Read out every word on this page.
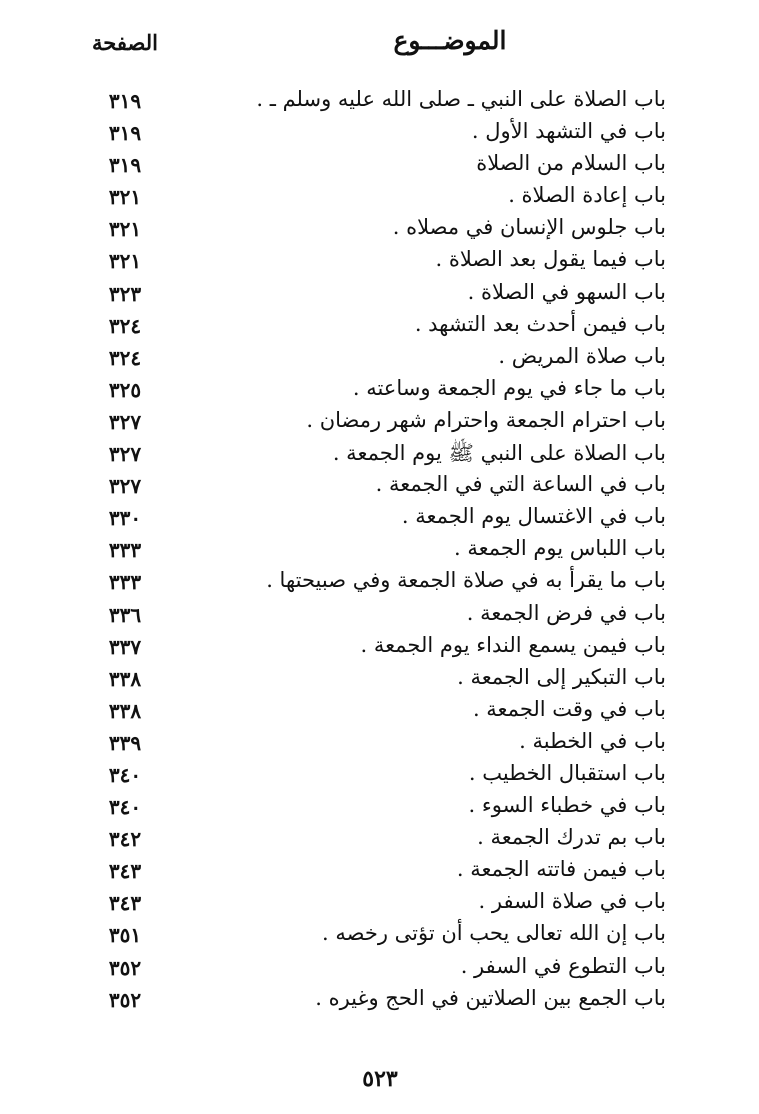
الموضـــوع
الصفحة
باب الصلاة على النبي ـ صلى الله عليه وسلم ـ .
٣١٩
باب في التشهد الأول .
٣١٩
باب السلام من الصلاة
٣١٩
باب إعادة الصلاة .
٣٢١
باب جلوس الإنسان في مصلاه .
٣٢١
باب فيما يقول بعد الصلاة .
٣٢١
باب السهو في الصلاة .
٣٢٣
باب فيمن أحدث بعد التشهد .
٣٢٤
باب صلاة المريض .
٣٢٤
باب ما جاء في يوم الجمعة وساعته .
٣٢٥
باب احترام الجمعة واحترام شهر رمضان .
٣٢٧
باب الصلاة على النبي ﷺ يوم الجمعة .
٣٢٧
باب في الساعة التي في الجمعة .
٣٢٧
باب في الاغتسال يوم الجمعة .
٣٣٠
باب اللباس يوم الجمعة .
٣٣٣
باب ما يقرأ به في صلاة الجمعة وفي صبيحتها .
٣٣٣
باب في فرض الجمعة .
٣٣٦
باب فيمن يسمع النداء يوم الجمعة .
٣٣٧
باب التبكير إلى الجمعة .
٣٣٨
باب في وقت الجمعة .
٣٣٨
باب في الخطبة .
٣٣٩
باب استقبال الخطيب .
٣٤٠
باب في خطباء السوء .
٣٤٠
باب بم تدرك الجمعة .
٣٤٢
باب فيمن فاتته الجمعة .
٣٤٣
باب في صلاة السفر .
٣٤٣
باب إن الله تعالى يحب أن تؤتى رخصه .
٣٥١
باب التطوع في السفر .
٣٥٢
باب الجمع بين الصلاتين في الحج وغيره .
٣٥٢
٥٢٣
